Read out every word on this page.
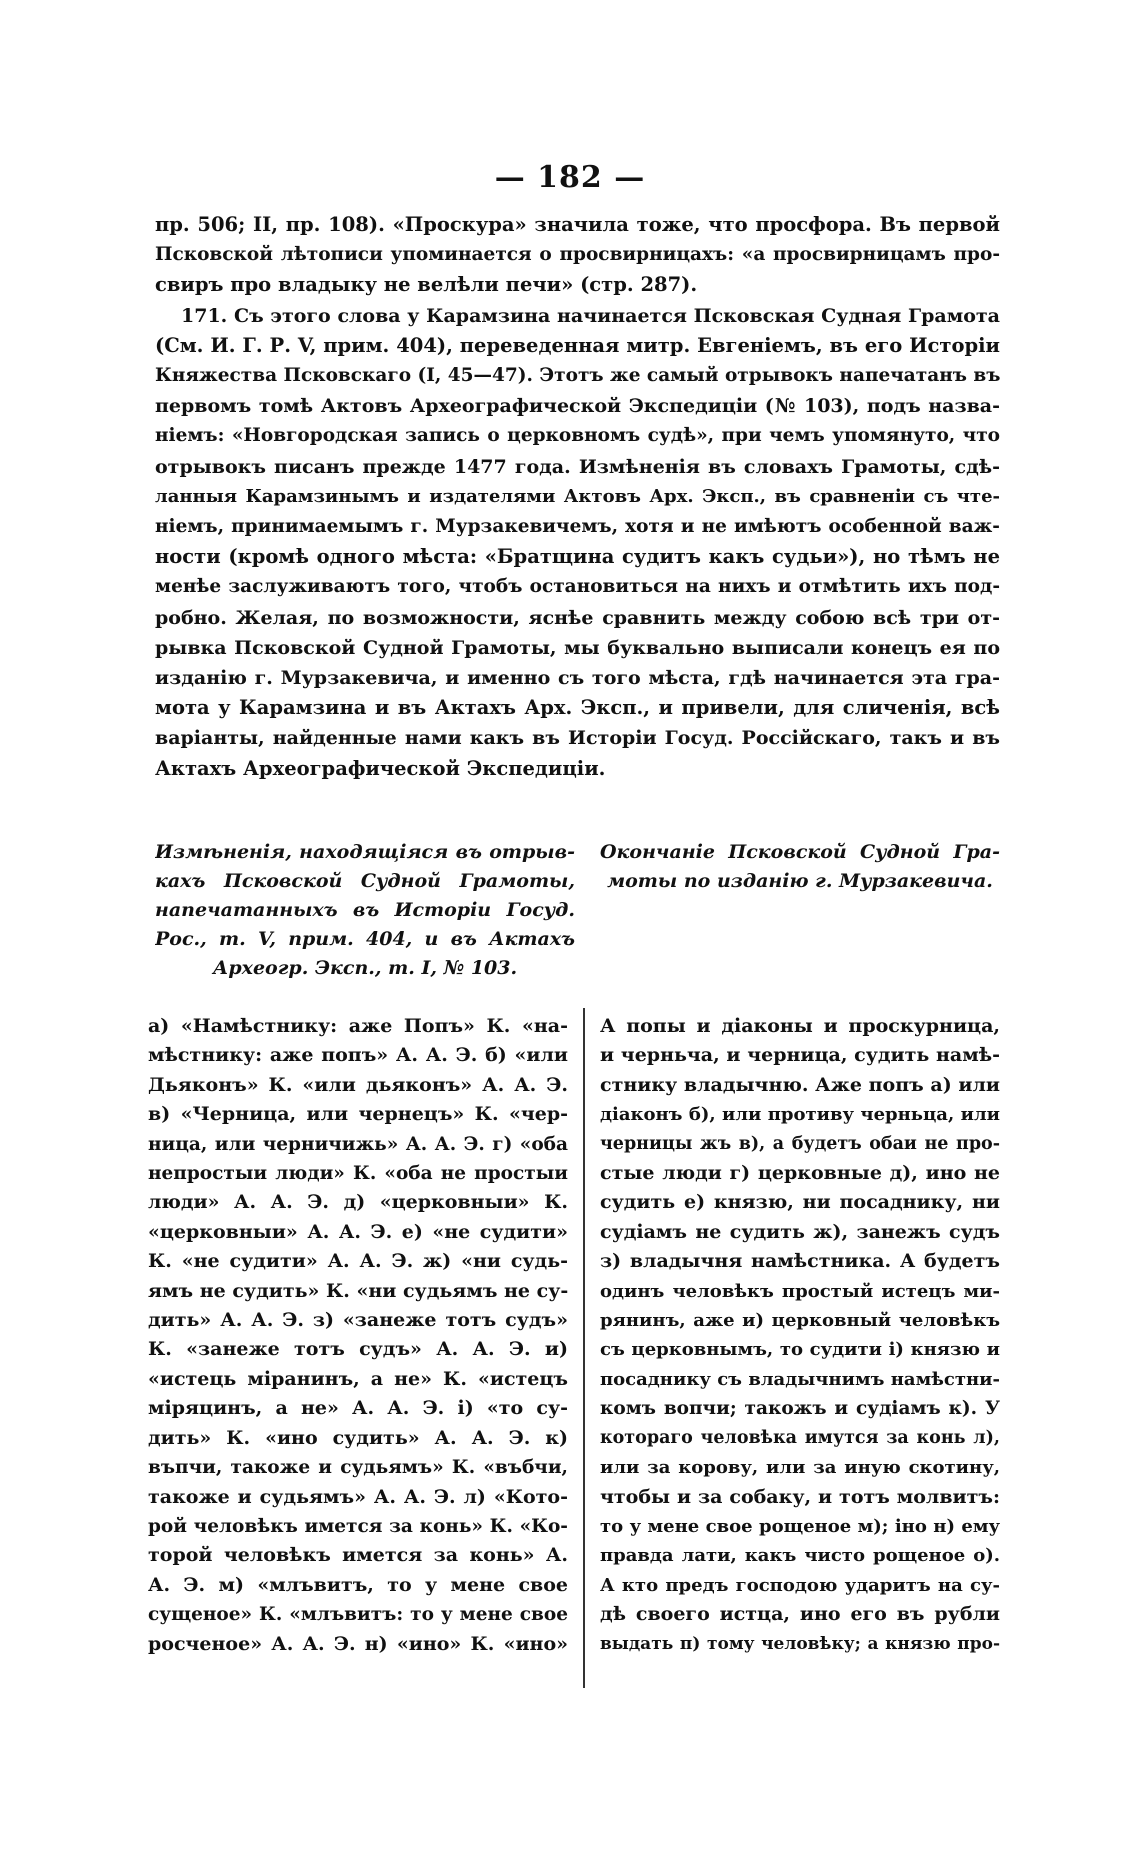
— 182 —
пр. 506; II, пр. 108). «Проскура» значила тоже, что просфора. Въ первой
Псковской лѣтописи упоминается о просвирницахъ: «а просвирницамъ про-
свиръ про владыку не велѣли печи» (стр. 287).
171. Съ этого слова у Карамзина начинается Псковская Судная Грамота
(См. И. Г. Р. V, прим. 404), переведенная митр. Евгеніемъ, въ его Исторіи
Княжества Псковскаго (I, 45—47). Этотъ же самый отрывокъ напечатанъ въ
первомъ томѣ Актовъ Археографической Экспедиціи (№ 103), подъ назва-
ніемъ: «Новгородская запись о церковномъ судѣ», при чемъ упомянуто, что
отрывокъ писанъ прежде 1477 года. Измѣненія въ словахъ Грамоты, сдѣ-
ланныя Карамзинымъ и издателями Актовъ Арх. Эксп., въ сравненіи съ чте-
ніемъ, принимаемымъ г. Мурзакевичемъ, хотя и не имѣютъ особенной важ-
ности (кромѣ одного мѣста: «Братщина судитъ какъ судьи»), но тѣмъ не
менѣе заслуживаютъ того, чтобъ остановиться на нихъ и отмѣтить ихъ под-
робно. Желая, по возможности, яснѣе сравнить между собою всѣ три от-
рывка Псковской Судной Грамоты, мы буквально выписали конецъ ея по
изданію г. Мурзакевича, и именно съ того мѣста, гдѣ начинается эта гра-
мота у Карамзина и въ Актахъ Арх. Эксп., и привели, для сличенія, всѣ
варіанты, найденные нами какъ въ Исторіи Госуд. Россійскаго, такъ и въ
Актахъ Археографической Экспедиціи.
Измѣненія, находящіяся въ отрыв-
кахъ Псковской Судной Грамоты,
напечатанныхъ въ Исторіи Госуд.
Рос., т. V, прим. 404, и въ Актахъ
Археогр. Эксп., т. I, № 103.
Окончаніе Псковской Судной Гра-
моты по изданію г. Мурзакевича.
а) «Намѣстнику: аже Попъ» К. «на-
мѣстнику: аже попъ» А. А. Э. б) «или
Дьяконъ» К. «или дьяконъ» А. А. Э.
в) «Черница, или чернецъ» К. «чер-
ница, или черничижь» А. А. Э. г) «оба
непростыи люди» К. «оба не простыи
люди» А. А. Э. д) «церковныи» К.
«церковныи» А. А. Э. е) «не судити»
К. «не судити» А. А. Э. ж) «ни судь-
ямъ не судить» К. «ни судьямъ не су-
дить» А. А. Э. з) «занеже тотъ судъ»
К. «занеже тотъ судъ» А. А. Э. и)
«истець міранинъ, а не» К. «истецъ
міряцинъ, а не» А. А. Э. і) «то су-
дить» К. «ино судить» А. А. Э. к)
въпчи, такоже и судьямъ» К. «въбчи,
такоже и судьямъ» А. А. Э. л) «Кото-
рой человѣкъ имется за конь» К. «Ко-
торой человѣкъ имется за конь» А.
А. Э. м) «млъвитъ, то у мене свое
сущеное» К. «млъвитъ: то у мене свое
росченое» А. А. Э. н) «ино» К. «ино»
А попы и діаконы и проскурница,
и черньча, и черница, судить намѣ-
стнику владычню. Аже попъ а) или
діаконъ б), или противу черньца, или
черницы жъ в), а будетъ обаи не про-
стые люди г) церковные д), ино не
судить е) князю, ни посаднику, ни
судіамъ не судить ж), занежъ судъ
з) владычня намѣстника. А будетъ
одинъ человѣкъ простый истецъ ми-
рянинъ, аже и) церковный человѣкъ
съ церковнымъ, то судити і) князю и
посаднику съ владычнимъ намѣстни-
комъ вопчи; такожъ и судіамъ к). У
котораго человѣка имутся за конь л),
или за корову, или за иную скотину,
чтобы и за собаку, и тотъ молвитъ:
то у мене свое рощеное м); іно н) ему
правда лати, какъ чисто рощеное о).
А кто предъ господою ударитъ на су-
дѣ своего истца, ино его въ рубли
выдать п) тому человѣку; а князю про-
